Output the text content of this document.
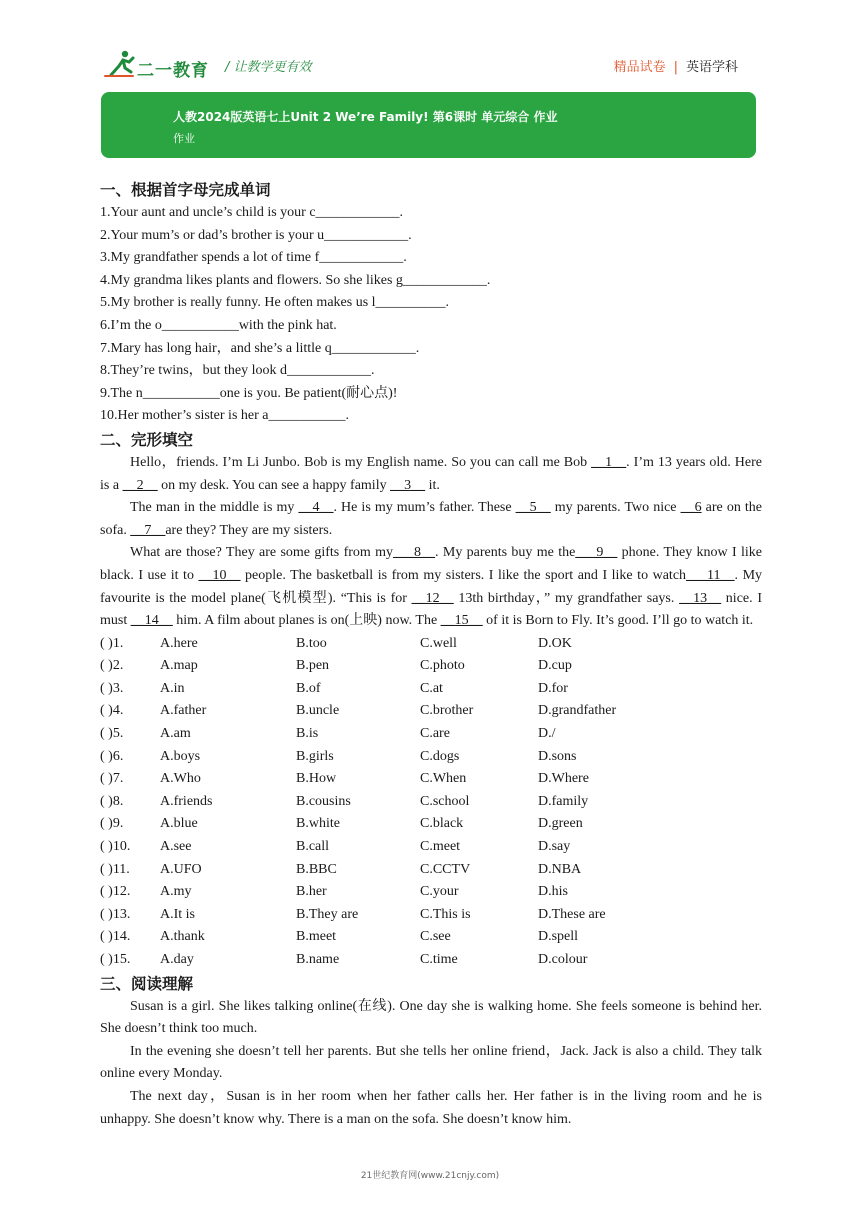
二一教育 / 让教学更有效	精品试卷 | 英语学科
人教2024版英语七上Unit 2 We’re Family! 第6课时 单元综合 作业
作业
一、根据首字母完成单词
1.Your aunt and uncle’s child is your c____________.
2.Your mum’s or dad’s brother is your u____________.
3.My grandfather spends a lot of time f____________.
4.My grandma likes plants and flowers. So she likes g____________.
5.My brother is really funny. He often makes us l__________.
6.I’m the o___________with the pink hat.
7.Mary has long hair，and she’s a little q____________.
8.They’re twins，but they look d____________.
9.The n___________one is you. Be patient(耐心点)!
10.Her mother’s sister is her a___________.
二、完形填空
Hello，friends. I’m Li Junbo. Bob is my English name. So you can call me Bob __1__. I’m 13 years old. Here is a __2__ on my desk. You can see a happy family __3__ it.
The man in the middle is my __4__. He is my mum’s father. These __5__ my parents. Two nice __6 are on the sofa. __7__are they? They are my sisters.
What are those? They are some gifts from my___8__. My parents buy me the___9__ phone. They know I like black. I use it to __10__ people. The basketball is from my sisters. I like the sport and I like to watch___11__. My favourite is the model plane(飞机模型). “This is for __12__ 13th birthday，” my grandfather says. __13__ nice. I must __14__ him. A film about planes is on(上映) now. The __15__ of it is Born to Fly. It’s good. I’ll go to watch it.
( )1.	A.here	B.too	C.well	D.OK
( )2.	A.map	B.pen	C.photo	D.cup
( )3.	A.in	B.of	C.at	D.for
( )4.	A.father	B.uncle	C.brother	D.grandfather
( )5.	A.am	B.is	C.are	D./
( )6.	A.boys	B.girls	C.dogs	D.sons
( )7.	A.Who	B.How	C.When	D.Where
( )8.	A.friends	B.cousins	C.school	D.family
( )9.	A.blue	B.white	C.black	D.green
( )10.	A.see	B.call	C.meet	D.say
( )11.	A.UFO	B.BBC	C.CCTV	D.NBA
( )12.	A.my	B.her	C.your	D.his
( )13.	A.It is	B.They are	C.This is	D.These are
( )14.	A.thank	B.meet	C.see	D.spell
( )15.	A.day	B.name	C.time	D.colour
三、阅读理解
Susan is a girl. She likes talking online(在线). One day she is walking home. She feels someone is behind her. She doesn’t think too much.
In the evening she doesn’t tell her parents. But she tells her online friend，Jack. Jack is also a child. They talk online every Monday.
The next day，Susan is in her room when her father calls her. Her father is in the living room and he is unhappy. She doesn’t know why. There is a man on the sofa. She doesn’t know him.
21世纪教育网(www.21cnjy.com)
